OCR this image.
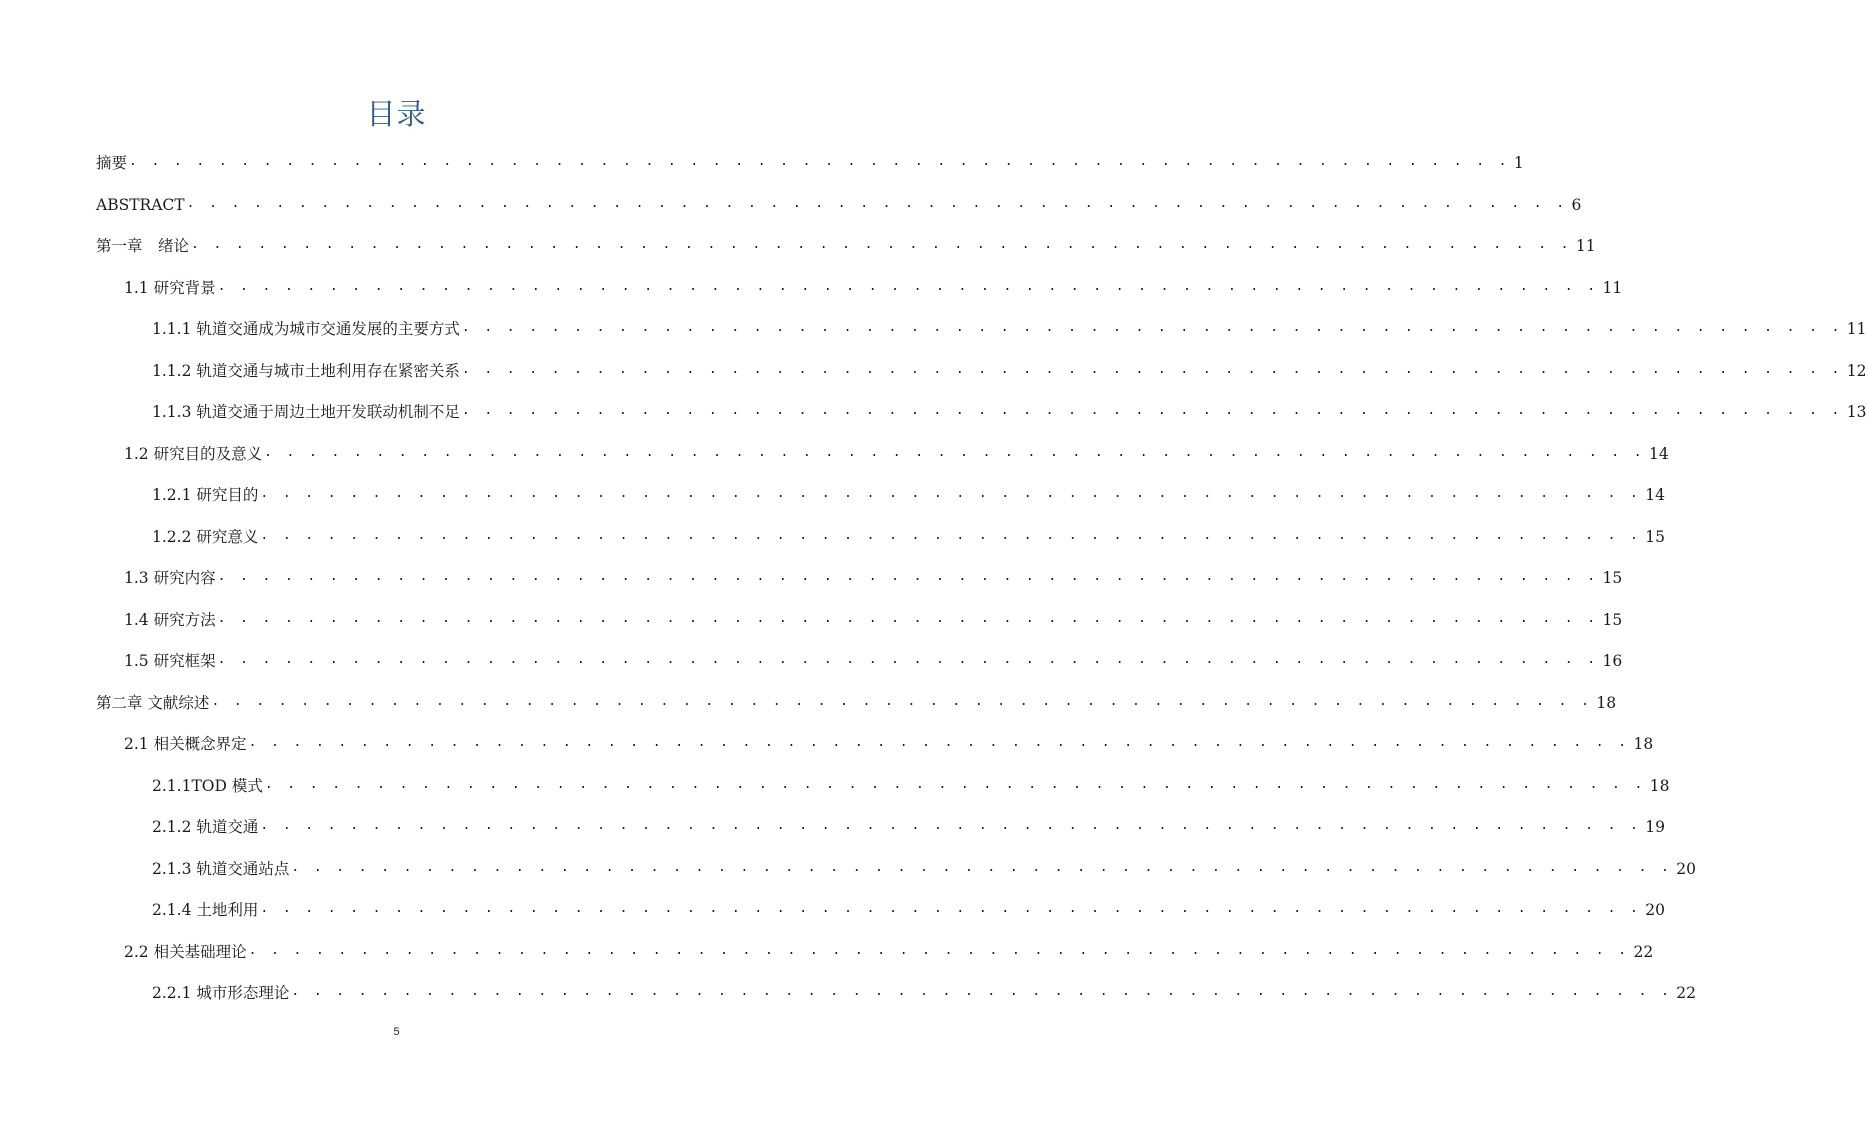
目录
摘要 . . . . . . . . . . . . . . . . . . . . . . . . . . . . . . . . . . . . . . . . . . . . . . . . . . . . . . . . . . . . . . 1
ABSTRACT . . . . . . . . . . . . . . . . . . . . . . . . . . . . . . . . . . . . . . . . . . . . . . . . . . . . . . . . . . . . . . 6
第一章　绪论 . . . . . . . . . . . . . . . . . . . . . . . . . . . . . . . . . . . . . . . . . . . . . . . . . . . . . . . . . . . . . . 11
1.1 研究背景 . . . . . . . . . . . . . . . . . . . . . . . . . . . . . . . . . . . . . . . . . . . . . . . . . . . . . . . . . . . . . . 11
1.1.1 轨道交通成为城市交通发展的主要方式 . . . . . . . . . . . . . . . . . . . . . . . . . . . . . . . . . . . . . . . . . . . . . . . . . . . . . . . . . . . . . . 11
1.1.2 轨道交通与城市土地利用存在紧密关系 . . . . . . . . . . . . . . . . . . . . . . . . . . . . . . . . . . . . . . . . . . . . . . . . . . . . . . . . . . . . . . 12
1.1.3 轨道交通于周边土地开发联动机制不足 . . . . . . . . . . . . . . . . . . . . . . . . . . . . . . . . . . . . . . . . . . . . . . . . . . . . . . . . . . . . . . 13
1.2 研究目的及意义 . . . . . . . . . . . . . . . . . . . . . . . . . . . . . . . . . . . . . . . . . . . . . . . . . . . . . . . . . . . . . . 14
1.2.1 研究目的 . . . . . . . . . . . . . . . . . . . . . . . . . . . . . . . . . . . . . . . . . . . . . . . . . . . . . . . . . . . . . . 14
1.2.2 研究意义 . . . . . . . . . . . . . . . . . . . . . . . . . . . . . . . . . . . . . . . . . . . . . . . . . . . . . . . . . . . . . . 15
1.3 研究内容 . . . . . . . . . . . . . . . . . . . . . . . . . . . . . . . . . . . . . . . . . . . . . . . . . . . . . . . . . . . . . . 15
1.4 研究方法 . . . . . . . . . . . . . . . . . . . . . . . . . . . . . . . . . . . . . . . . . . . . . . . . . . . . . . . . . . . . . . 15
1.5 研究框架 . . . . . . . . . . . . . . . . . . . . . . . . . . . . . . . . . . . . . . . . . . . . . . . . . . . . . . . . . . . . . . 16
第二章 文献综述 . . . . . . . . . . . . . . . . . . . . . . . . . . . . . . . . . . . . . . . . . . . . . . . . . . . . . . . . . . . . . . 18
2.1 相关概念界定 . . . . . . . . . . . . . . . . . . . . . . . . . . . . . . . . . . . . . . . . . . . . . . . . . . . . . . . . . . . . . . 18
2.1.1TOD 模式 . . . . . . . . . . . . . . . . . . . . . . . . . . . . . . . . . . . . . . . . . . . . . . . . . . . . . . . . . . . . . . 18
2.1.2 轨道交通 . . . . . . . . . . . . . . . . . . . . . . . . . . . . . . . . . . . . . . . . . . . . . . . . . . . . . . . . . . . . . . 19
2.1.3 轨道交通站点 . . . . . . . . . . . . . . . . . . . . . . . . . . . . . . . . . . . . . . . . . . . . . . . . . . . . . . . . . . . . . . 20
2.1.4 土地利用 . . . . . . . . . . . . . . . . . . . . . . . . . . . . . . . . . . . . . . . . . . . . . . . . . . . . . . . . . . . . . . 20
2.2 相关基础理论 . . . . . . . . . . . . . . . . . . . . . . . . . . . . . . . . . . . . . . . . . . . . . . . . . . . . . . . . . . . . . . 22
2.2.1 城市形态理论 . . . . . . . . . . . . . . . . . . . . . . . . . . . . . . . . . . . . . . . . . . . . . . . . . . . . . . . . . . . . . . 22
5
